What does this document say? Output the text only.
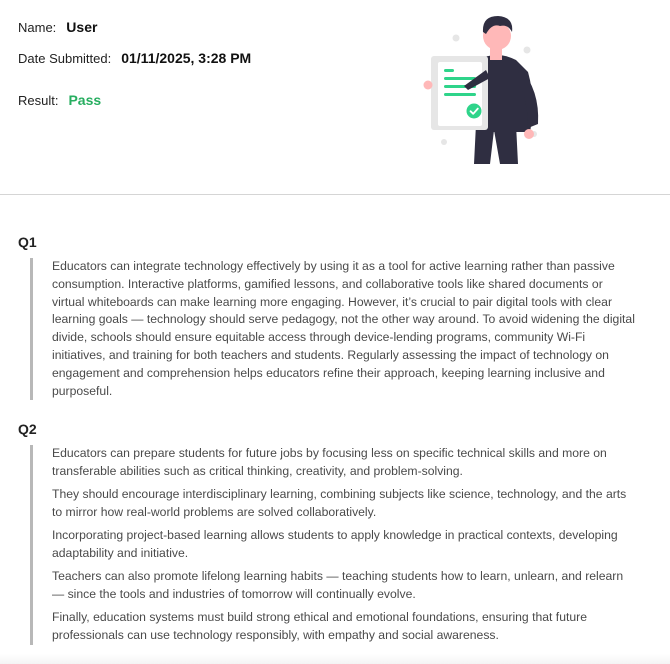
Name: User
Date Submitted: 01/11/2025, 3:28 PM
Result: Pass
Q1

Educators can integrate technology effectively by using it as a tool for active learning rather than passive consumption. Interactive platforms, gamified lessons, and collaborative tools like shared documents or virtual whiteboards can make learning more engaging. However, it’s crucial to pair digital tools with clear learning goals — technology should serve pedagogy, not the other way around. To avoid widening the digital divide, schools should ensure equitable access through device-lending programs, community Wi-Fi initiatives, and training for both teachers and students. Regularly assessing the impact of technology on engagement and comprehension helps educators refine their approach, keeping learning inclusive and purposeful.

Q2

Educators can prepare students for future jobs by focusing less on specific technical skills and more on transferable abilities such as critical thinking, creativity, and problem-solving.

They should encourage interdisciplinary learning, combining subjects like science, technology, and the arts to mirror how real-world problems are solved collaboratively.

Incorporating project-based learning allows students to apply knowledge in practical contexts, developing adaptability and initiative.

Teachers can also promote lifelong learning habits — teaching students how to learn, unlearn, and relearn — since the tools and industries of tomorrow will continually evolve.

Finally, education systems must build strong ethical and emotional foundations, ensuring that future professionals can use technology responsibly, with empathy and social awareness.
